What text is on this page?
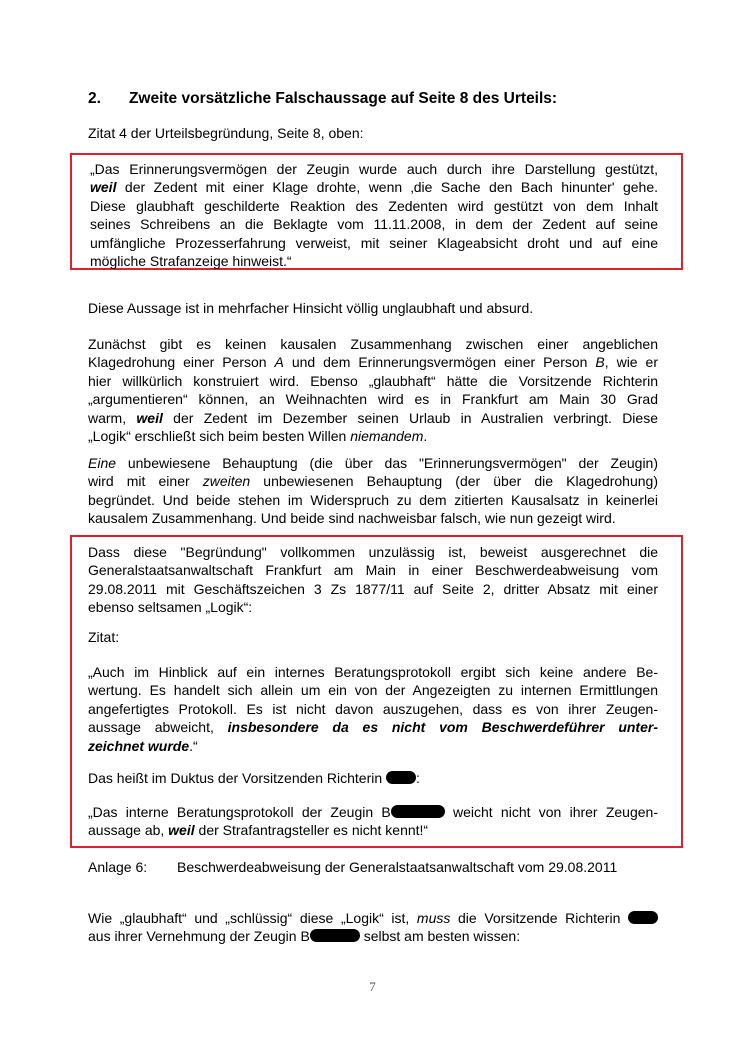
2. Zweite vorsätzliche Falschaussage auf Seite 8 des Urteils:
Zitat 4 der Urteilsbegründung, Seite 8, oben:
„Das Erinnerungsvermögen der Zeugin wurde auch durch ihre Darstellung gestützt,
weil der Zedent mit einer Klage drohte, wenn ‚die Sache den Bach hinunter' gehe.
Diese glaubhaft geschilderte Reaktion des Zedenten wird gestützt von dem Inhalt
seines Schreibens an die Beklagte vom 11.11.2008, in dem der Zedent auf seine
umfängliche Prozesserfahrung verweist, mit seiner Klageabsicht droht und auf eine
mögliche Strafanzeige hinweist.“
Diese Aussage ist in mehrfacher Hinsicht völlig unglaubhaft und absurd.
Zunächst gibt es keinen kausalen Zusammenhang zwischen einer angeblichen
Klagedrohung einer Person A und dem Erinnerungsvermögen einer Person B, wie er
hier willkürlich konstruiert wird. Ebenso „glaubhaft“ hätte die Vorsitzende Richterin
„argumentieren“ können, an Weihnachten wird es in Frankfurt am Main 30 Grad
warm, weil der Zedent im Dezember seinen Urlaub in Australien verbringt. Diese
„Logik“ erschließt sich beim besten Willen niemandem.
Eine unbewiesene Behauptung (die über das "Erinnerungsvermögen" der Zeugin)
wird mit einer zweiten unbewiesenen Behauptung (der über die Klagedrohung)
begründet. Und beide stehen im Widerspruch zu dem zitierten Kausalsatz in keinerlei
kausalem Zusammenhang. Und beide sind nachweisbar falsch, wie nun gezeigt wird.
Dass diese "Begründung" vollkommen unzulässig ist, beweist ausgerechnet die
Generalstaatsanwaltschaft Frankfurt am Main in einer Beschwerdeabweisung vom
29.08.2011 mit Geschäftszeichen 3 Zs 1877/11 auf Seite 2, dritter Absatz mit einer
ebenso seltsamen „Logik“:
Zitat:
„Auch im Hinblick auf ein internes Beratungsprotokoll ergibt sich keine andere Be-
wertung. Es handelt sich allein um ein von der Angezeigten zu internen Ermittlungen
angefertigtes Protokoll. Es ist nicht davon auszugehen, dass es von ihrer Zeugen-
aussage abweicht, insbesondere da es nicht vom Beschwerdeführer unter-
zeichnet wurde.“
Das heißt im Duktus der Vorsitzenden Richterin :
„Das interne Beratungsprotokoll der Zeugin B	weicht nicht von ihrer Zeugen-
aussage ab, weil der Strafantragsteller es nicht kennt!“
Anlage 6: Beschwerdeabweisung der Generalstaatsanwaltschaft vom 29.08.2011
Wie „glaubhaft“ und „schlüssig“ diese „Logik“ ist, muss die Vorsitzende Richterin
aus ihrer Vernehmung der Zeugin B	selbst am besten wissen:
7
